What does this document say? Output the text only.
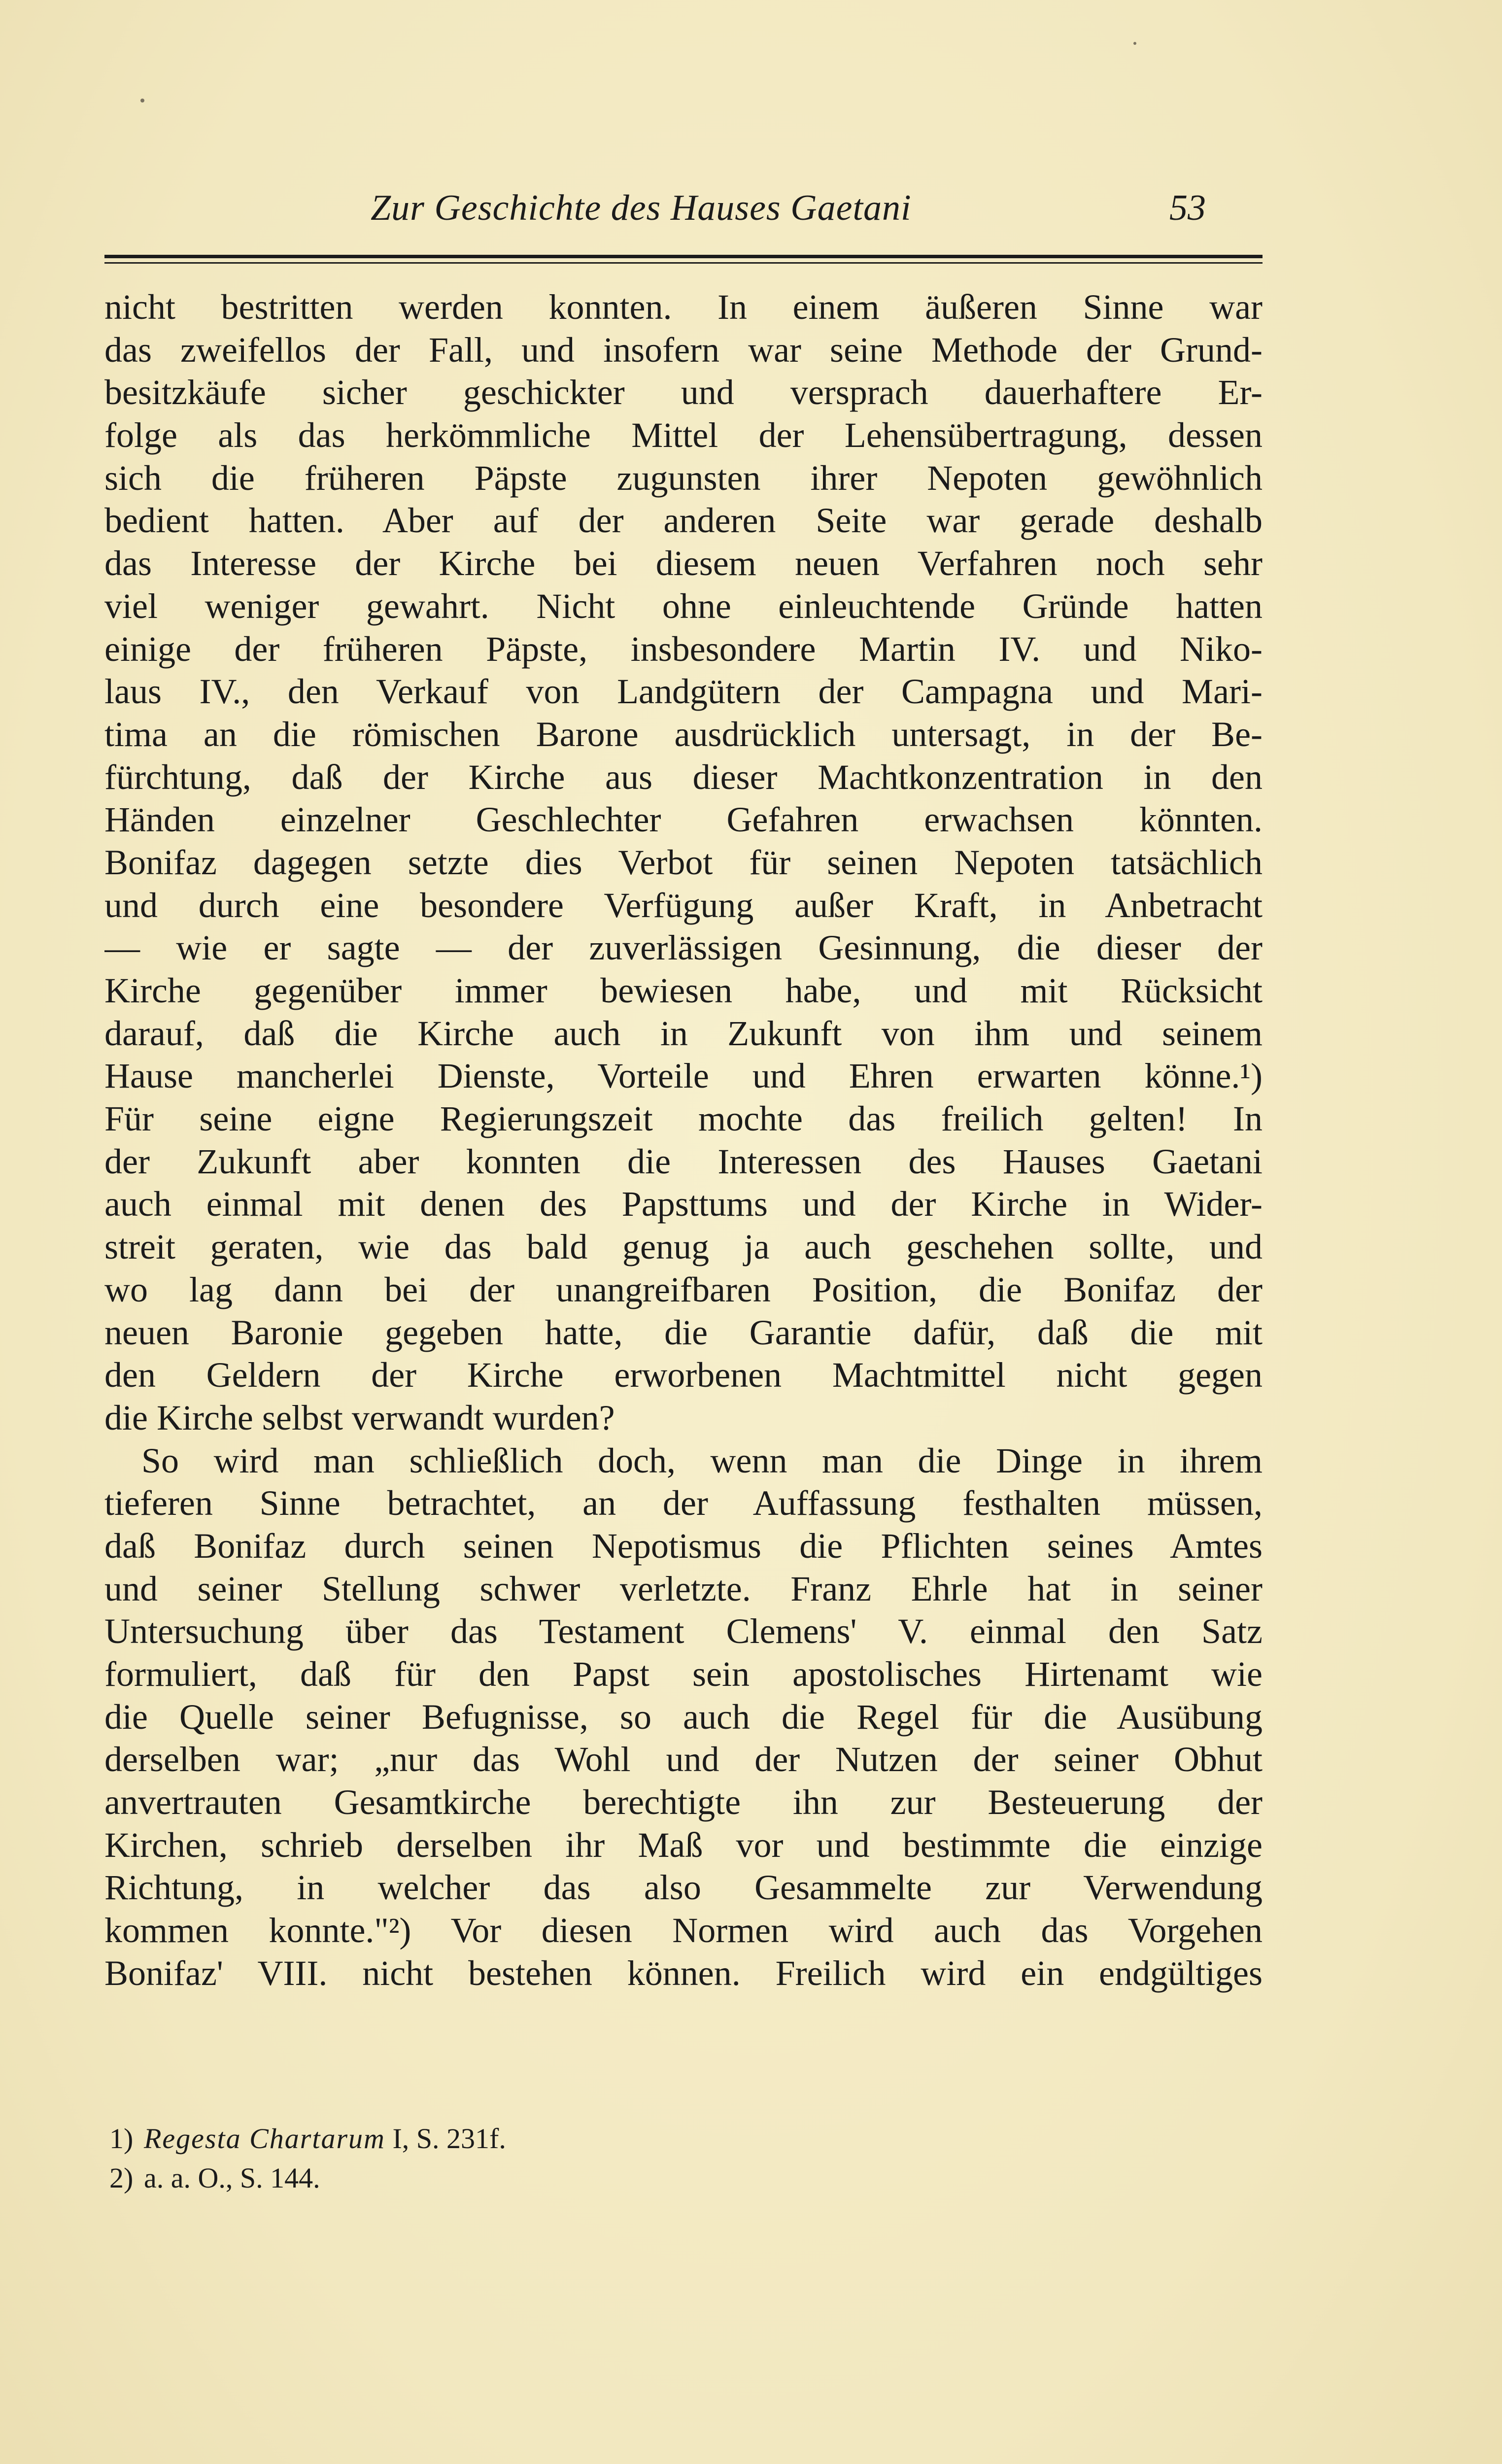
Zur Geschichte des Hauses Gaetani	53
nicht bestritten werden konnten. In einem äußeren Sinne war
das zweifellos der Fall, und insofern war seine Methode der Grund-
besitzkäufe sicher geschickter und versprach dauerhaftere Er-
folge als das herkömmliche Mittel der Lehensübertragung, dessen
sich die früheren Päpste zugunsten ihrer Nepoten gewöhnlich
bedient hatten. Aber auf der anderen Seite war gerade deshalb
das Interesse der Kirche bei diesem neuen Verfahren noch sehr
viel weniger gewahrt. Nicht ohne einleuchtende Gründe hatten
einige der früheren Päpste, insbesondere Martin IV. und Niko-
laus IV., den Verkauf von Landgütern der Campagna und Mari-
tima an die römischen Barone ausdrücklich untersagt, in der Be-
fürchtung, daß der Kirche aus dieser Machtkonzentration in den
Händen einzelner Geschlechter Gefahren erwachsen könnten.
Bonifaz dagegen setzte dies Verbot für seinen Nepoten tatsächlich
und durch eine besondere Verfügung außer Kraft, in Anbetracht
— wie er sagte — der zuverlässigen Gesinnung, die dieser der
Kirche gegenüber immer bewiesen habe, und mit Rücksicht
darauf, daß die Kirche auch in Zukunft von ihm und seinem
Hause mancherlei Dienste, Vorteile und Ehren erwarten könne.¹)
Für seine eigne Regierungszeit mochte das freilich gelten! In
der Zukunft aber konnten die Interessen des Hauses Gaetani
auch einmal mit denen des Papsttums und der Kirche in Wider-
streit geraten, wie das bald genug ja auch geschehen sollte, und
wo lag dann bei der unangreifbaren Position, die Bonifaz der
neuen Baronie gegeben hatte, die Garantie dafür, daß die mit
den Geldern der Kirche erworbenen Machtmittel nicht gegen
die Kirche selbst verwandt wurden?
So wird man schließlich doch, wenn man die Dinge in ihrem
tieferen Sinne betrachtet, an der Auffassung festhalten müssen,
daß Bonifaz durch seinen Nepotismus die Pflichten seines Amtes
und seiner Stellung schwer verletzte. Franz Ehrle hat in seiner
Untersuchung über das Testament Clemens' V. einmal den Satz
formuliert, daß für den Papst sein apostolisches Hirtenamt wie
die Quelle seiner Befugnisse, so auch die Regel für die Ausübung
derselben war; „nur das Wohl und der Nutzen der seiner Obhut
anvertrauten Gesamtkirche berechtigte ihn zur Besteuerung der
Kirchen, schrieb derselben ihr Maß vor und bestimmte die einzige
Richtung, in welcher das also Gesammelte zur Verwendung
kommen konnte."²) Vor diesen Normen wird auch das Vorgehen
Bonifaz' VIII. nicht bestehen können. Freilich wird ein endgültiges
1) Regesta Chartarum I, S. 231f.
2) a. a. O., S. 144.
